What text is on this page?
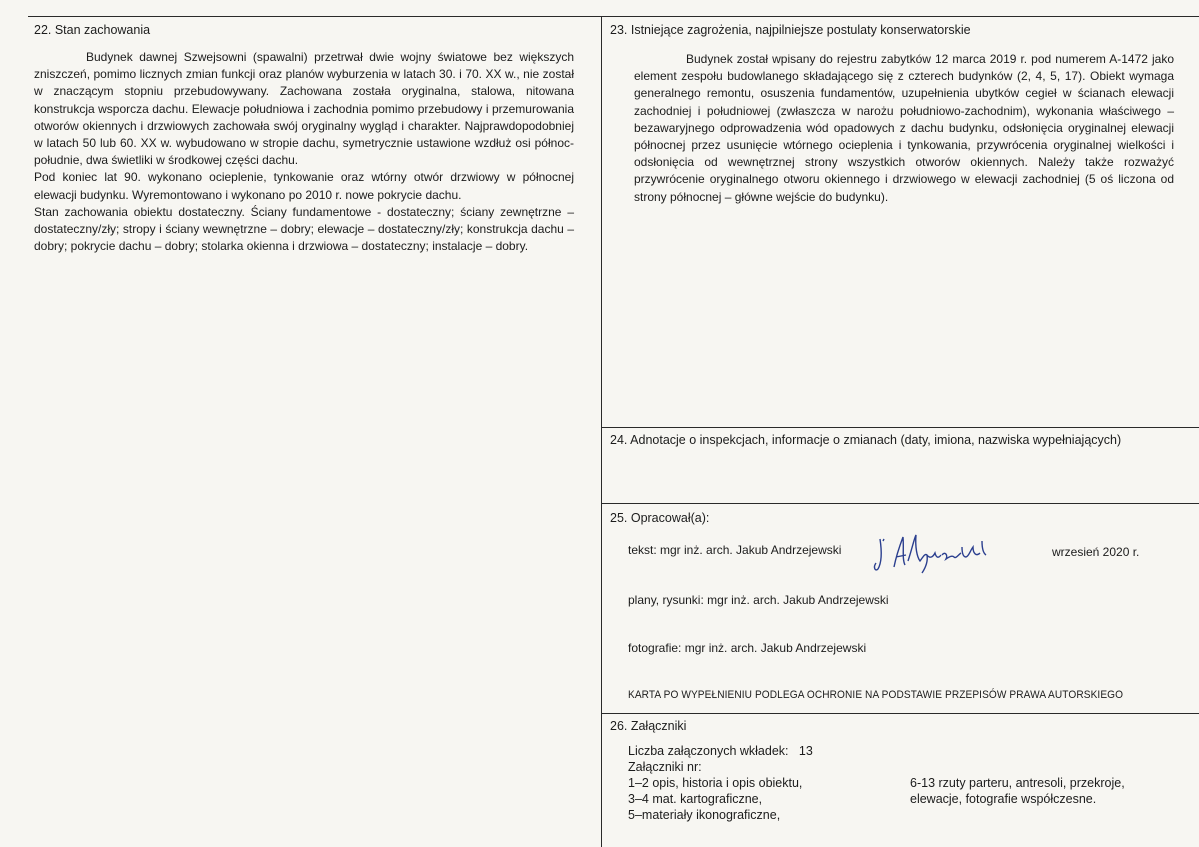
22. Stan zachowania

Budynek dawnej Szwejsowni (spawalni) przetrwał dwie wojny światowe bez większych zniszczeń, pomimo licznych zmian funkcji oraz planów wyburzenia w latach 30. i 70. XX w., nie został w znaczącym stopniu przebudowywany. Zachowana została oryginalna, stalowa, nitowana konstrukcja wsporcza dachu. Elewacje południowa i zachodnia pomimo przebudowy i przemurowania otworów okiennych i drzwiowych zachowała swój oryginalny wygląd i charakter. Najprawdopodobniej w latach 50 lub 60. XX w. wybudowano w stropie dachu, symetrycznie ustawione wzdłuż osi północ-południe, dwa świetliki w środkowej części dachu.

Pod koniec lat 90. wykonano ocieplenie, tynkowanie oraz wtórny otwór drzwiowy w północnej elewacji budynku. Wyremontowano i wykonano po 2010 r. nowe pokrycie dachu.

Stan zachowania obiektu dostateczny. Ściany fundamentowe - dostateczny; ściany zewnętrzne – dostateczny/zły; stropy i ściany wewnętrzne – dobry; elewacje – dostateczny/zły; konstrukcja dachu – dobry; pokrycie dachu – dobry; stolarka okienna i drzwiowa – dostateczny; instalacje – dobry.

23. Istniejące zagrożenia, najpilniejsze postulaty konserwatorskie

Budynek został wpisany do rejestru zabytków 12 marca 2019 r. pod numerem A-1472 jako element zespołu budowlanego składającego się z czterech budynków (2, 4, 5, 17). Obiekt wymaga generalnego remontu, osuszenia fundamentów, uzupełnienia ubytków cegieł w ścianach elewacji zachodniej i południowej (zwłaszcza w narożu południowo-zachodnim), wykonania właściwego – bezawaryjnego odprowadzenia wód opadowych z dachu budynku, odsłonięcia oryginalnej elewacji północnej przez usunięcie wtórnego ocieplenia i tynkowania, przywrócenia oryginalnej wielkości i odsłonięcia od wewnętrznej strony wszystkich otworów okiennych. Należy także rozważyć przywrócenie oryginalnego otworu okiennego i drzwiowego w elewacji zachodniej (5 oś liczona od strony północnej – główne wejście do budynku).

24. Adnotacje o inspekcjach, informacje o zmianach (daty, imiona, nazwiska wypełniających)
25. Opracował(a):
tekst: mgr inż. arch. Jakub Andrzejewski	wrzesień 2020 r.
plany, rysunki: mgr inż. arch. Jakub Andrzejewski
fotografie: mgr inż. arch. Jakub Andrzejewski
KARTA PO WYPEŁNIENIU PODLEGA OCHRONIE NA PODSTAWIE PRZEPISÓW PRAWA AUTORSKIEGO
26. Załączniki
Liczba załączonych wkładek:   13
Załączniki nr:
1–2 opis, historia i opis obiektu,
3–4 mat. kartograficzne,
5–materiały ikonograficzne,
6-13 rzuty parteru, antresoli, przekroje,
elewacje, fotografie współczesne.
